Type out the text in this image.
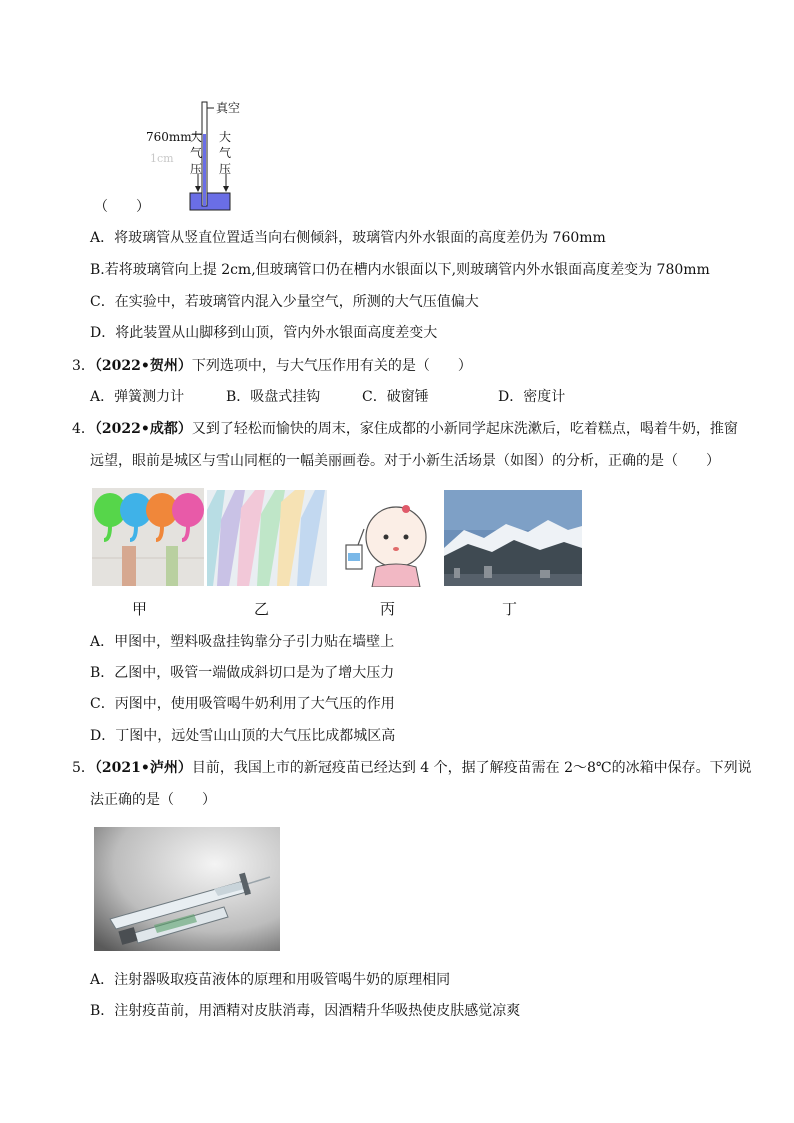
真空
760mm
1cm
大
气
压
大
气
压
（　　）
A．将玻璃管从竖直位置适当向右侧倾斜，玻璃管内外水银面的高度差仍为 760mm
B.若将玻璃管向上提 2cm,但玻璃管口仍在槽内水银面以下,则玻璃管内外水银面高度差变为 780mm
C．在实验中，若玻璃管内混入少量空气，所测的大气压值偏大
D．将此装置从山脚移到山顶，管内外水银面高度差变大
3．（2022•贺州）下列选项中，与大气压作用有关的是（　　）
A．弹簧测力计	B．吸盘式挂钩	C．破窗锤	D．密度计
4．（2022•成都）又到了轻松而愉快的周末，家住成都的小新同学起床洗漱后，吃着糕点，喝着牛奶，推窗
远望，眼前是城区与雪山同框的一幅美丽画卷。对于小新生活场景（如图）的分析，正确的是（　　）
甲	乙	丙	丁
A．甲图中，塑料吸盘挂钩靠分子引力贴在墙壁上
B．乙图中，吸管一端做成斜切口是为了增大压力
C．丙图中，使用吸管喝牛奶利用了大气压的作用
D．丁图中，远处雪山山顶的大气压比成都城区高
5．（2021•泸州）目前，我国上市的新冠疫苗已经达到 4 个，据了解疫苗需在 2～8℃的冰箱中保存。下列说
法正确的是（　　）
A．注射器吸取疫苗液体的原理和用吸管喝牛奶的原理相同
B．注射疫苗前，用酒精对皮肤消毒，因酒精升华吸热使皮肤感觉凉爽
